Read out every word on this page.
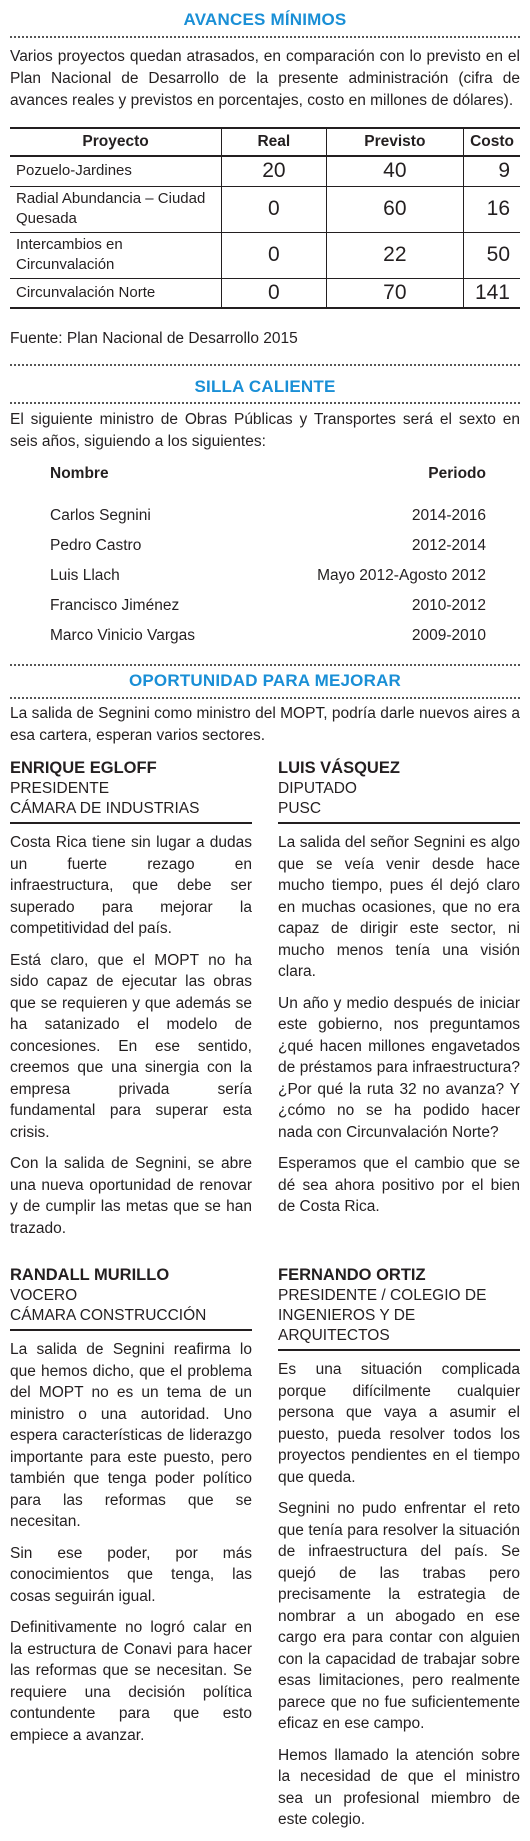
AVANCES MÍNIMOS
Varios proyectos quedan atrasados, en comparación con lo previsto en el Plan Nacional de Desarrollo de la presente administración (cifra de avances reales y previstos en porcentajes, costo en millones de dólares).
Proyecto	Real	Previsto	Costo
Pozuelo-Jardines	20	40	9
Radial Abundancia – Ciudad Quesada	0	60	16
Intercambios en Circunvalación	0	22	50
Circunvalación Norte	0	70	141
Fuente: Plan Nacional de Desarrollo 2015
SILLA CALIENTE
El siguiente ministro de Obras Públicas y Transportes será el sexto en seis años, siguiendo a los siguientes:
Nombre	Periodo
Carlos Segnini	2014-2016
Pedro Castro	2012-2014
Luis Llach	Mayo 2012-Agosto 2012
Francisco Jiménez	2010-2012
Marco Vinicio Vargas	2009-2010
OPORTUNIDAD PARA MEJORAR
La salida de Segnini como ministro del MOPT, podría darle nuevos aires a esa cartera, esperan varios sectores.
ENRIQUE EGLOFF
PRESIDENTE
CÁMARA DE INDUSTRIAS

Costa Rica tiene sin lugar a dudas un fuerte rezago en infraestructura, que debe ser superado para mejorar la competitividad del país.

Está claro, que el MOPT no ha sido capaz de ejecutar las obras que se requieren y que además se ha satanizado el modelo de concesiones. En ese sentido, creemos que una sinergia con la empresa privada sería fundamental para superar esta crisis.

Con la salida de Segnini, se abre una nueva oportunidad de renovar y de cumplir las metas que se han trazado.

LUIS VÁSQUEZ
DIPUTADO
PUSC

La salida del señor Segnini es algo que se veía venir desde hace mucho tiempo, pues él dejó claro en muchas ocasiones, que no era capaz de dirigir este sector, ni mucho menos tenía una visión clara.

Un año y medio después de iniciar este gobierno, nos preguntamos ¿qué hacen millones engavetados de préstamos para infraestructura? ¿Por qué la ruta 32 no avanza? Y ¿cómo no se ha podido hacer nada con Circunvalación Norte?

Esperamos que el cambio que se dé sea ahora positivo por el bien de Costa Rica.

RANDALL MURILLO
VOCERO
CÁMARA CONSTRUCCIÓN

La salida de Segnini reafirma lo que hemos dicho, que el problema del MOPT no es un tema de un ministro o una autoridad. Uno espera características de liderazgo importante para este puesto, pero también que tenga poder político para las reformas que se necesitan.

Sin ese poder, por más conocimientos que tenga, las cosas seguirán igual.

Definitivamente no logró calar en la estructura de Conavi para hacer las reformas que se necesitan. Se requiere una decisión política contundente para que esto empiece a avanzar.

FERNANDO ORTIZ
PRESIDENTE / COLEGIO DE INGENIEROS Y DE ARQUITECTOS

Es una situación complicada porque difícilmente cualquier persona que vaya a asumir el puesto, pueda resolver todos los proyectos pendientes en el tiempo que queda.

Segnini no pudo enfrentar el reto que tenía para resolver la situación de infraestructura del país. Se quejó de las trabas pero precisamente la estrategia de nombrar a un abogado en ese cargo era para contar con alguien con la capacidad de trabajar sobre esas limitaciones, pero realmente parece que no fue suficientemente eficaz en ese campo.

Hemos llamado la atención sobre la necesidad de que el ministro sea un profesional miembro de este colegio.
